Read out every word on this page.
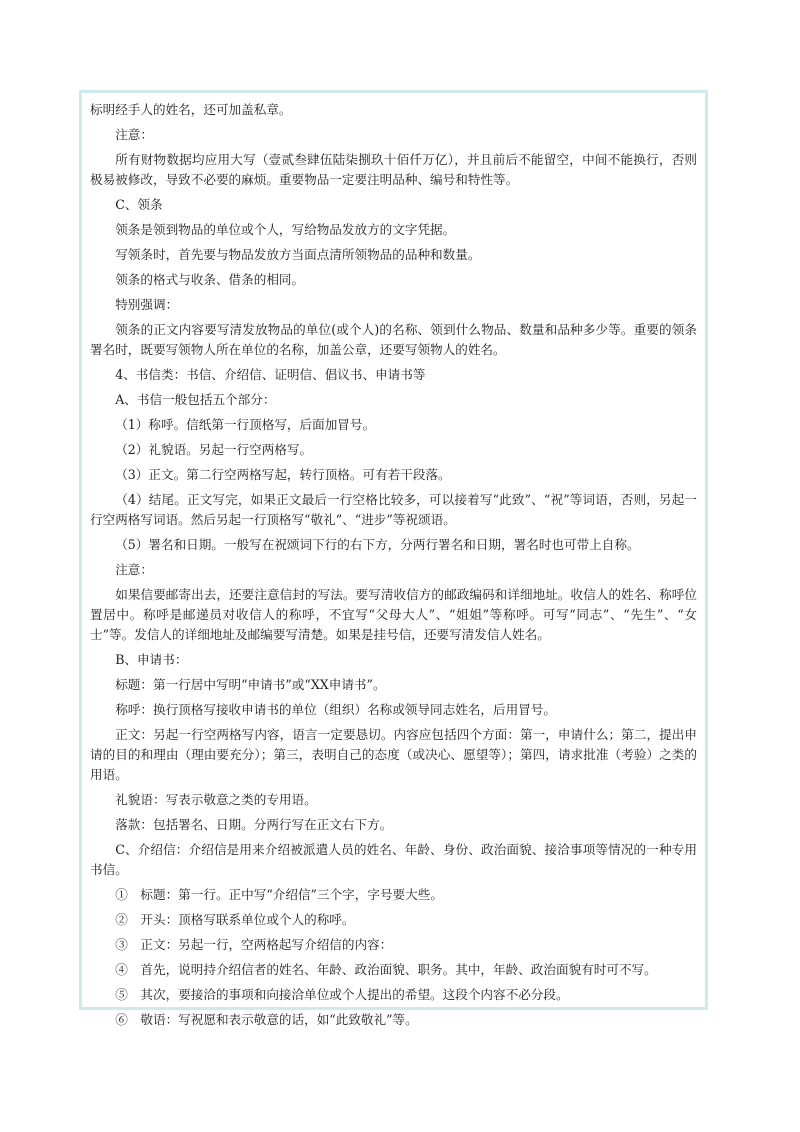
标明经手人的姓名，还可加盖私章。

注意：

所有财物数据均应用大写（壹贰叁肆伍陆柒捌玖十佰仟万亿），并且前后不能留空，中间不能换行，否则极易被修改，导致不必要的麻烦。重要物品一定要注明品种、编号和特性等。

C、领条

领条是领到物品的单位或个人，写给物品发放方的文字凭据。

写领条时，首先要与物品发放方当面点清所领物品的品种和数量。

领条的格式与收条、借条的相同。

特别强调：

领条的正文内容要写清发放物品的单位(或个人)的名称、领到什么物品、数量和品种多少等。重要的领条署名时，既要写领物人所在单位的名称，加盖公章，还要写领物人的姓名。

4、书信类：书信、介绍信、证明信、倡议书、申请书等

A、书信一般包括五个部分：

（1）称呼。信纸第一行顶格写，后面加冒号。

（2）礼貌语。另起一行空两格写。

（3）正文。第二行空两格写起，转行顶格。可有若干段落。

（4）结尾。正文写完，如果正文最后一行空格比较多，可以接着写“此致”、“祝”等词语，否则，另起一行空两格写词语。然后另起一行顶格写“敬礼”、“进步”等祝颂语。

（5）署名和日期。一般写在祝颂词下行的右下方，分两行署名和日期，署名时也可带上自称。

注意：

如果信要邮寄出去，还要注意信封的写法。要写清收信方的邮政编码和详细地址。收信人的姓名、称呼位置居中。称呼是邮递员对收信人的称呼，不宜写“父母大人”、“姐姐”等称呼。可写“同志”、“先生”、“女士”等。发信人的详细地址及邮编要写清楚。如果是挂号信，还要写清发信人姓名。

B、申请书：

标题：第一行居中写明“申请书”或“XX申请书”。

称呼：换行顶格写接收申请书的单位（组织）名称或领导同志姓名，后用冒号。

正文：另起一行空两格写内容，语言一定要恳切。内容应包括四个方面：第一，申请什么；第二，提出申请的目的和理由（理由要充分）；第三，表明自己的态度（或决心、愿望等）；第四，请求批准（考验）之类的用语。

礼貌语：写表示敬意之类的专用语。

落款：包括署名、日期。分两行写在正文右下方。

C、介绍信：介绍信是用来介绍被派遣人员的姓名、年龄、身份、政治面貌、接洽事项等情况的一种专用书信。

①　标题：第一行。正中写“介绍信”三个字，字号要大些。

②　开头：顶格写联系单位或个人的称呼。

③　正文：另起一行，空两格起写介绍信的内容：

④　首先，说明持介绍信者的姓名、年龄、政治面貌、职务。其中，年龄、政治面貌有时可不写。

⑤　其次，要接洽的事项和向接洽单位或个人提出的希望。这段个内容不必分段。

⑥　敬语：写祝愿和表示敬意的话，如“此致敬礼”等。
